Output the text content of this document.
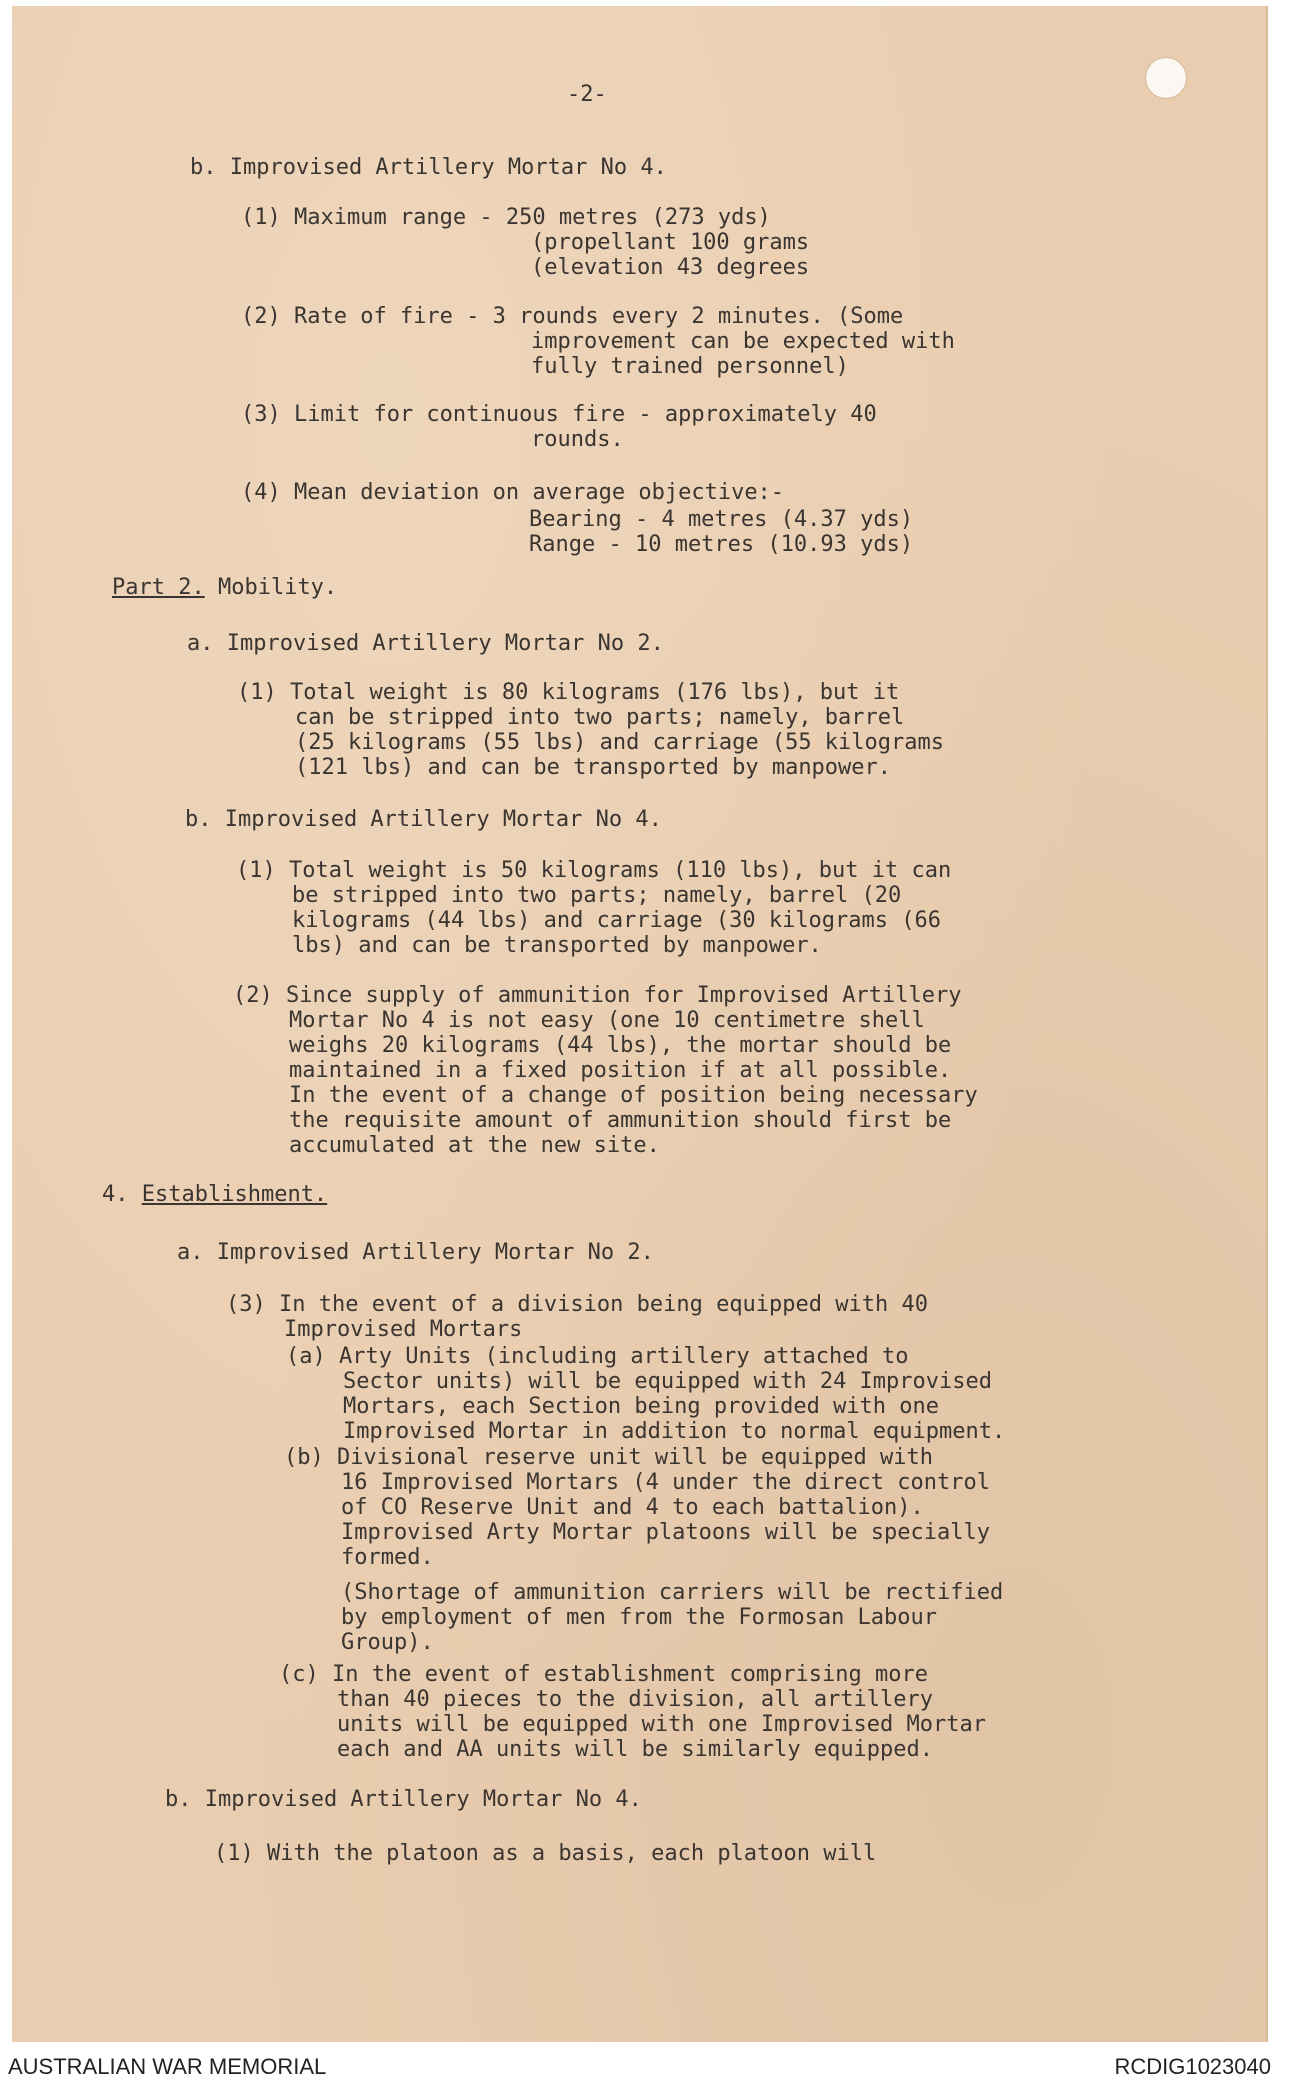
-2-

b. Improvised Artillery Mortar No 4.

(1) Maximum range - 250 metres (273 yds)

(propellant 100 grams

(elevation 43 degrees

(2) Rate of fire - 3 rounds every 2 minutes. (Some

improvement can be expected with

fully trained personnel)

(3) Limit for continuous fire - approximately 40

rounds.

(4) Mean deviation on average objective:-

Bearing - 4 metres (4.37 yds)

Range - 10 metres (10.93 yds)

Part 2. Mobility.

a. Improvised Artillery Mortar No 2.

(1) Total weight is 80 kilograms (176 lbs), but it

can be stripped into two parts; namely, barrel

(25 kilograms (55 lbs) and carriage (55 kilograms

(121 lbs) and can be transported by manpower.

b. Improvised Artillery Mortar No 4.

(1) Total weight is 50 kilograms (110 lbs), but it can

be stripped into two parts; namely, barrel (20

kilograms (44 lbs) and carriage (30 kilograms (66

lbs) and can be transported by manpower.

(2) Since supply of ammunition for Improvised Artillery

Mortar No 4 is not easy (one 10 centimetre shell

weighs 20 kilograms (44 lbs), the mortar should be

maintained in a fixed position if at all possible.

In the event of a change of position being necessary

the requisite amount of ammunition should first be

accumulated at the new site.

4. Establishment.

a. Improvised Artillery Mortar No 2.

(3) In the event of a division being equipped with 40

Improvised Mortars

(a) Arty Units (including artillery attached to

Sector units) will be equipped with 24 Improvised

Mortars, each Section being provided with one

Improvised Mortar in addition to normal equipment.

(b) Divisional reserve unit will be equipped with

16 Improvised Mortars (4 under the direct control

of CO Reserve Unit and 4 to each battalion).

Improvised Arty Mortar platoons will be specially

formed.

(Shortage of ammunition carriers will be rectified

by employment of men from the Formosan Labour

Group).

(c) In the event of establishment comprising more

than 40 pieces to the division, all artillery

units will be equipped with one Improvised Mortar

each and AA units will be similarly equipped.

b. Improvised Artillery Mortar No 4.

(1) With the platoon as a basis, each platoon will

AUSTRALIAN WAR MEMORIAL	RCDIG1023040
